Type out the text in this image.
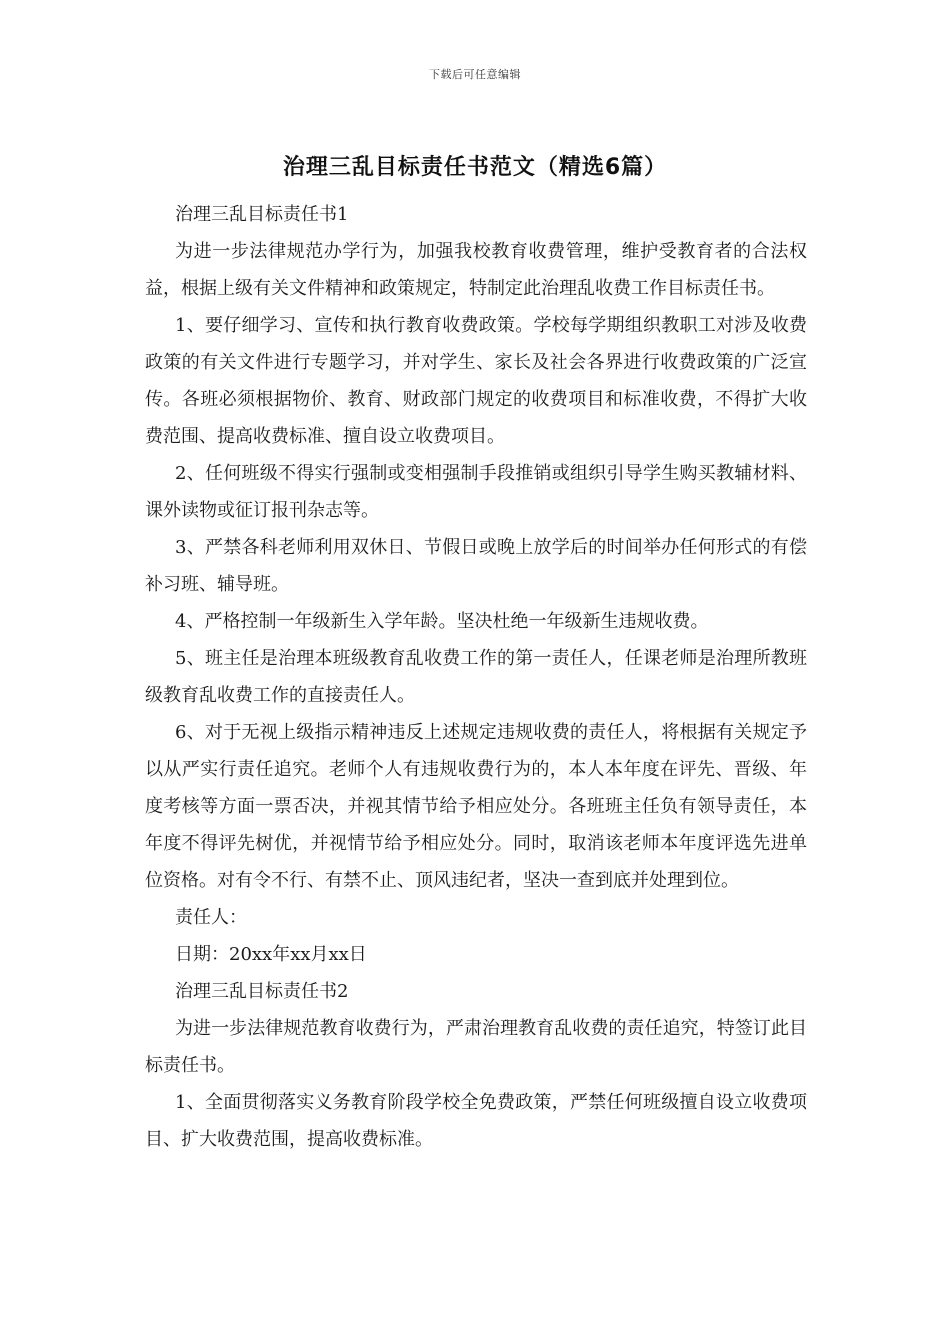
下载后可任意编辑
治理三乱目标责任书范文（精选6篇）

治理三乱目标责任书1

为进一步法律规范办学行为，加强我校教育收费管理，维护受教育者的合法权益，根据上级有关文件精神和政策规定，特制定此治理乱收费工作目标责任书。

1、要仔细学习、宣传和执行教育收费政策。学校每学期组织教职工对涉及收费政策的有关文件进行专题学习，并对学生、家长及社会各界进行收费政策的广泛宣传。各班必须根据物价、教育、财政部门规定的收费项目和标准收费，不得扩大收费范围、提高收费标准、擅自设立收费项目。

2、任何班级不得实行强制或变相强制手段推销或组织引导学生购买教辅材料、课外读物或征订报刊杂志等。

3、严禁各科老师利用双休日、节假日或晚上放学后的时间举办任何形式的有偿补习班、辅导班。

4、严格控制一年级新生入学年龄。坚决杜绝一年级新生违规收费。

5、班主任是治理本班级教育乱收费工作的第一责任人，任课老师是治理所教班级教育乱收费工作的直接责任人。

6、对于无视上级指示精神违反上述规定违规收费的责任人，将根据有关规定予以从严实行责任追究。老师个人有违规收费行为的，本人本年度在评先、晋级、年度考核等方面一票否决，并视其情节给予相应处分。各班班主任负有领导责任，本年度不得评先树优，并视情节给予相应处分。同时，取消该老师本年度评选先进单位资格。对有令不行、有禁不止、顶风违纪者，坚决一查到底并处理到位。

责任人：

日期：20xx年xx月xx日

治理三乱目标责任书2

为进一步法律规范教育收费行为，严肃治理教育乱收费的责任追究，特签订此目标责任书。

1、全面贯彻落实义务教育阶段学校全免费政策，严禁任何班级擅自设立收费项目、扩大收费范围，提高收费标准。
